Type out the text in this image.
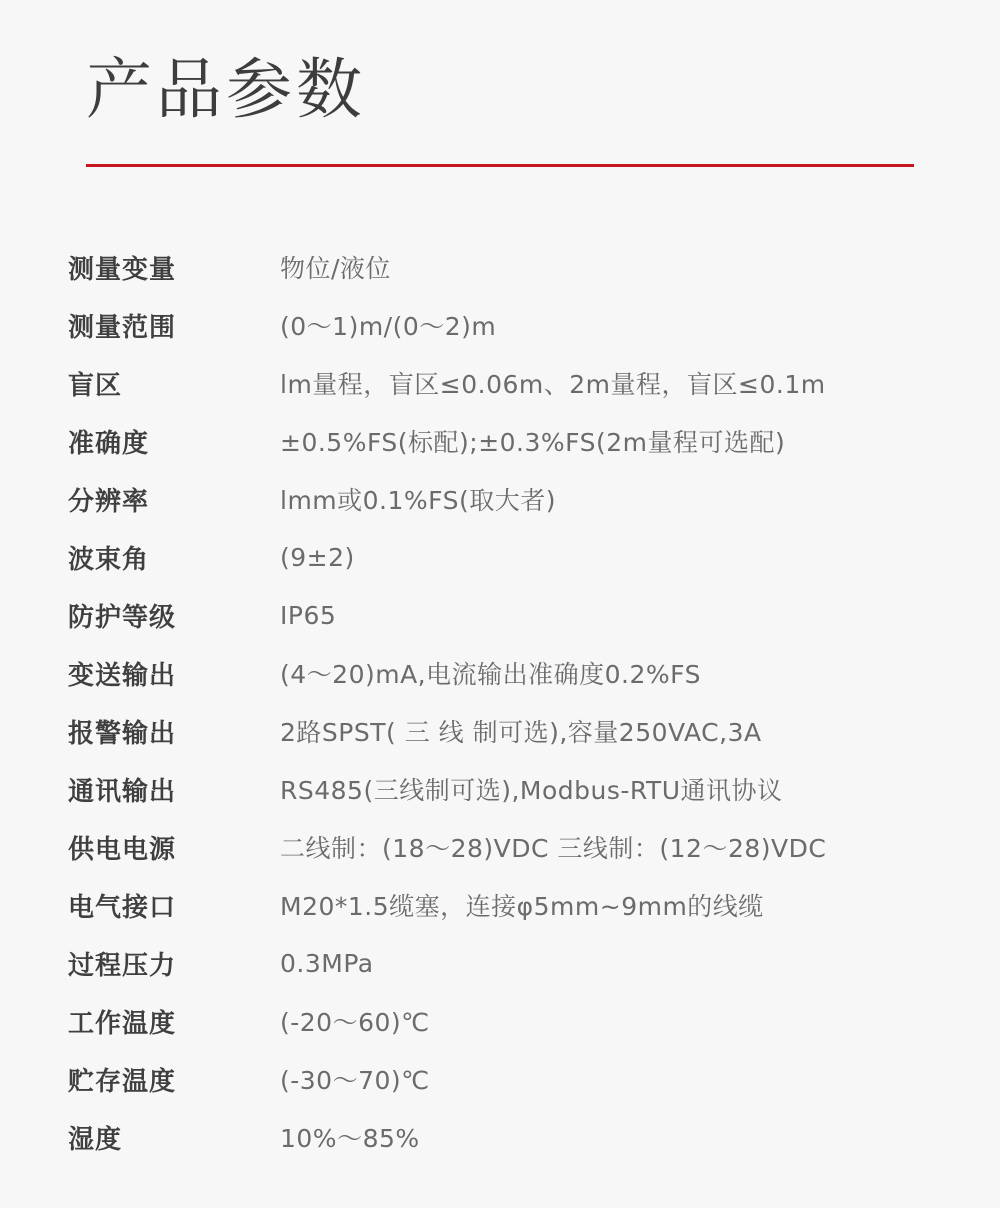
产品参数
测量变量	物位/液位
测量范围	(0～1)m/(0～2)m
盲区	lm量程，盲区≤0.06m、2m量程，盲区≤0.1m
准确度	±0.5%FS(标配);±0.3%FS(2m量程可选配)
分辨率	lmm或0.1%FS(取大者)
波束角	(9±2)
防护等级	IP65
变送输出	(4～20)mA,电流输出准确度0.2%FS
报警输出	2路SPST( 三 线 制可选),容量250VAC,3A
通讯输出	RS485(三线制可选),Modbus-RTU通讯协议
供电电源	二线制：(18～28)VDC 三线制：(12～28)VDC
电气接口	M20*1.5缆塞，连接φ5mm~9mm的线缆
过程压力	0.3MPa
工作温度	(-20～60)℃
贮存温度	(-30～70)℃
湿度	10%～85%
